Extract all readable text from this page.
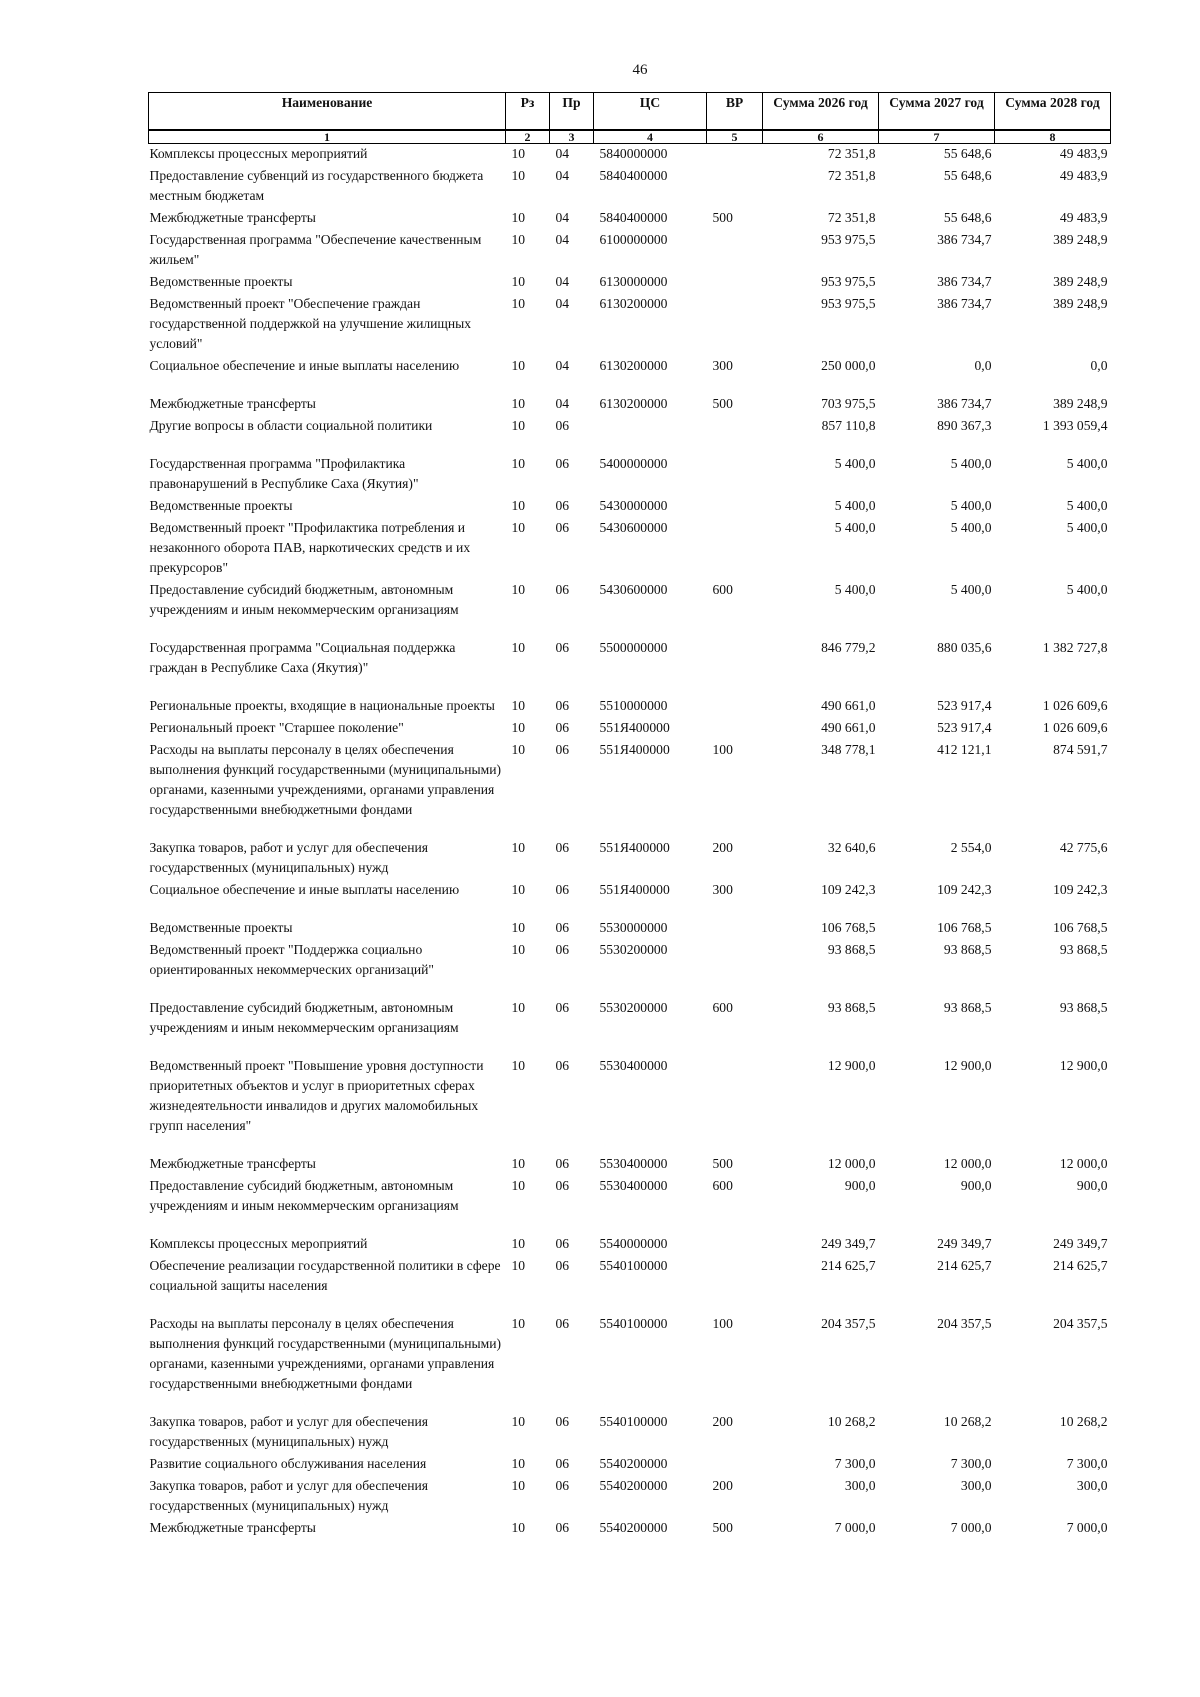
46
Наименование	Рз	Пр	ЦС	ВР	Сумма 2026 год	Сумма 2027 год	Сумма 2028 год
1	2	3	4	5	6	7	8
Комплексы процессных мероприятий	10	04	5840000000		72 351,8	55 648,6	49 483,9
Предоставление субвенций из государственного бюджета местным бюджетам	10	04	5840400000		72 351,8	55 648,6	49 483,9
Межбюджетные трансферты	10	04	5840400000	500	72 351,8	55 648,6	49 483,9
Государственная программа "Обеспечение качественным жильем"	10	04	6100000000		953 975,5	386 734,7	389 248,9
Ведомственные проекты	10	04	6130000000		953 975,5	386 734,7	389 248,9
Ведомственный проект "Обеспечение граждан государственной поддержкой на улучшение жилищных условий"	10	04	6130200000		953 975,5	386 734,7	389 248,9
Социальное обеспечение и иные выплаты населению	10	04	6130200000	300	250 000,0	0,0	0,0
Межбюджетные трансферты	10	04	6130200000	500	703 975,5	386 734,7	389 248,9
Другие вопросы в области социальной политики	10	06			857 110,8	890 367,3	1 393 059,4
Государственная программа "Профилактика правонарушений в Республике Саха (Якутия)"	10	06	5400000000		5 400,0	5 400,0	5 400,0
Ведомственные проекты	10	06	5430000000		5 400,0	5 400,0	5 400,0
Ведомственный проект "Профилактика потребления и незаконного оборота ПАВ, наркотических средств и их прекурсоров"	10	06	5430600000		5 400,0	5 400,0	5 400,0
Предоставление субсидий бюджетным, автономным учреждениям и иным некоммерческим организациям	10	06	5430600000	600	5 400,0	5 400,0	5 400,0
Государственная программа "Социальная поддержка граждан в Республике Саха (Якутия)"	10	06	5500000000		846 779,2	880 035,6	1 382 727,8
Региональные проекты, входящие в национальные проекты	10	06	5510000000		490 661,0	523 917,4	1 026 609,6
Региональный проект "Старшее поколение"	10	06	551Я400000		490 661,0	523 917,4	1 026 609,6
Расходы на выплаты персоналу в целях обеспечения выполнения функций государственными (муниципальными) органами, казенными учреждениями, органами управления государственными внебюджетными фондами	10	06	551Я400000	100	348 778,1	412 121,1	874 591,7
Закупка товаров, работ и услуг для обеспечения государственных (муниципальных) нужд	10	06	551Я400000	200	32 640,6	2 554,0	42 775,6
Социальное обеспечение и иные выплаты населению	10	06	551Я400000	300	109 242,3	109 242,3	109 242,3
Ведомственные проекты	10	06	5530000000		106 768,5	106 768,5	106 768,5
Ведомственный проект "Поддержка социально ориентированных некоммерческих организаций"	10	06	5530200000		93 868,5	93 868,5	93 868,5
Предоставление субсидий бюджетным, автономным учреждениям и иным некоммерческим организациям	10	06	5530200000	600	93 868,5	93 868,5	93 868,5
Ведомственный проект "Повышение уровня доступности приоритетных объектов и услуг в приоритетных сферах жизнедеятельности инвалидов и других маломобильных групп населения"	10	06	5530400000		12 900,0	12 900,0	12 900,0
Межбюджетные трансферты	10	06	5530400000	500	12 000,0	12 000,0	12 000,0
Предоставление субсидий бюджетным, автономным учреждениям и иным некоммерческим организациям	10	06	5530400000	600	900,0	900,0	900,0
Комплексы процессных мероприятий	10	06	5540000000		249 349,7	249 349,7	249 349,7
Обеспечение реализации государственной политики в сфере социальной защиты населения	10	06	5540100000		214 625,7	214 625,7	214 625,7
Расходы на выплаты персоналу в целях обеспечения выполнения функций государственными (муниципальными) органами, казенными учреждениями, органами управления государственными внебюджетными фондами	10	06	5540100000	100	204 357,5	204 357,5	204 357,5
Закупка товаров, работ и услуг для обеспечения государственных (муниципальных) нужд	10	06	5540100000	200	10 268,2	10 268,2	10 268,2
Развитие социального обслуживания населения	10	06	5540200000		7 300,0	7 300,0	7 300,0
Закупка товаров, работ и услуг для обеспечения государственных (муниципальных) нужд	10	06	5540200000	200	300,0	300,0	300,0
Межбюджетные трансферты	10	06	5540200000	500	7 000,0	7 000,0	7 000,0
